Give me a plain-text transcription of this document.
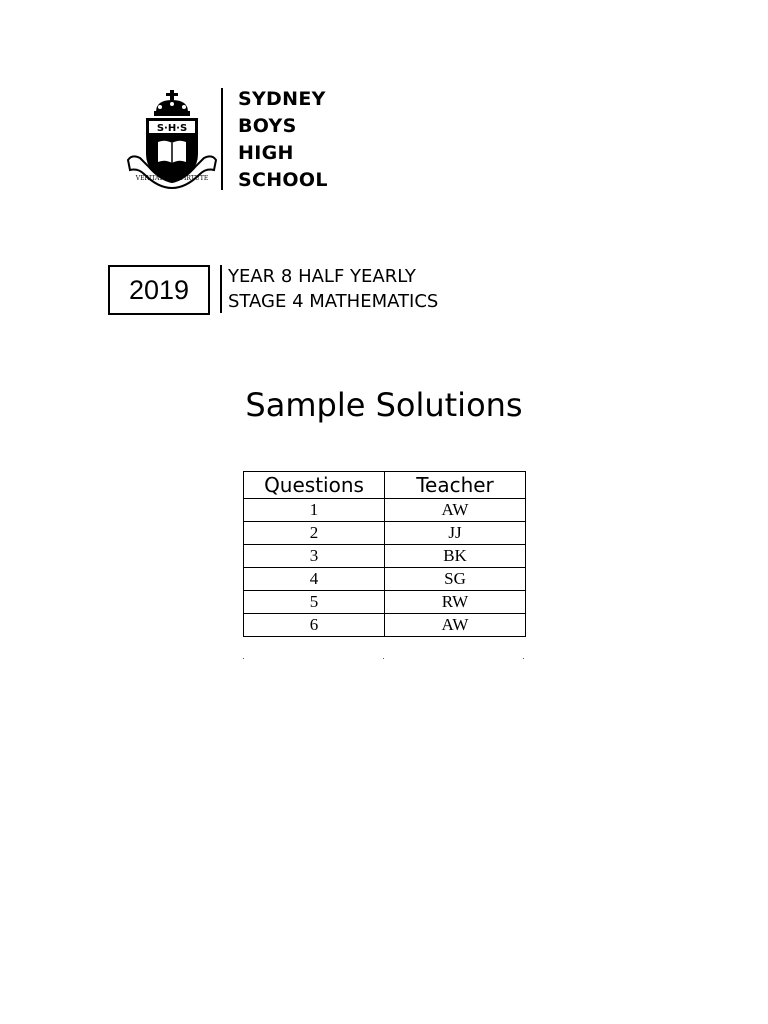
S·H·S
VERITATE ET VIRTUTE
SYDNEY
BOYS
HIGH
SCHOOL
2019	YEAR 8 HALF YEARLY
STAGE 4 MATHEMATICS
Sample Solutions
Questions	Teacher
1	AW
2	JJ
3	BK
4	SG
5	RW
6	AW
